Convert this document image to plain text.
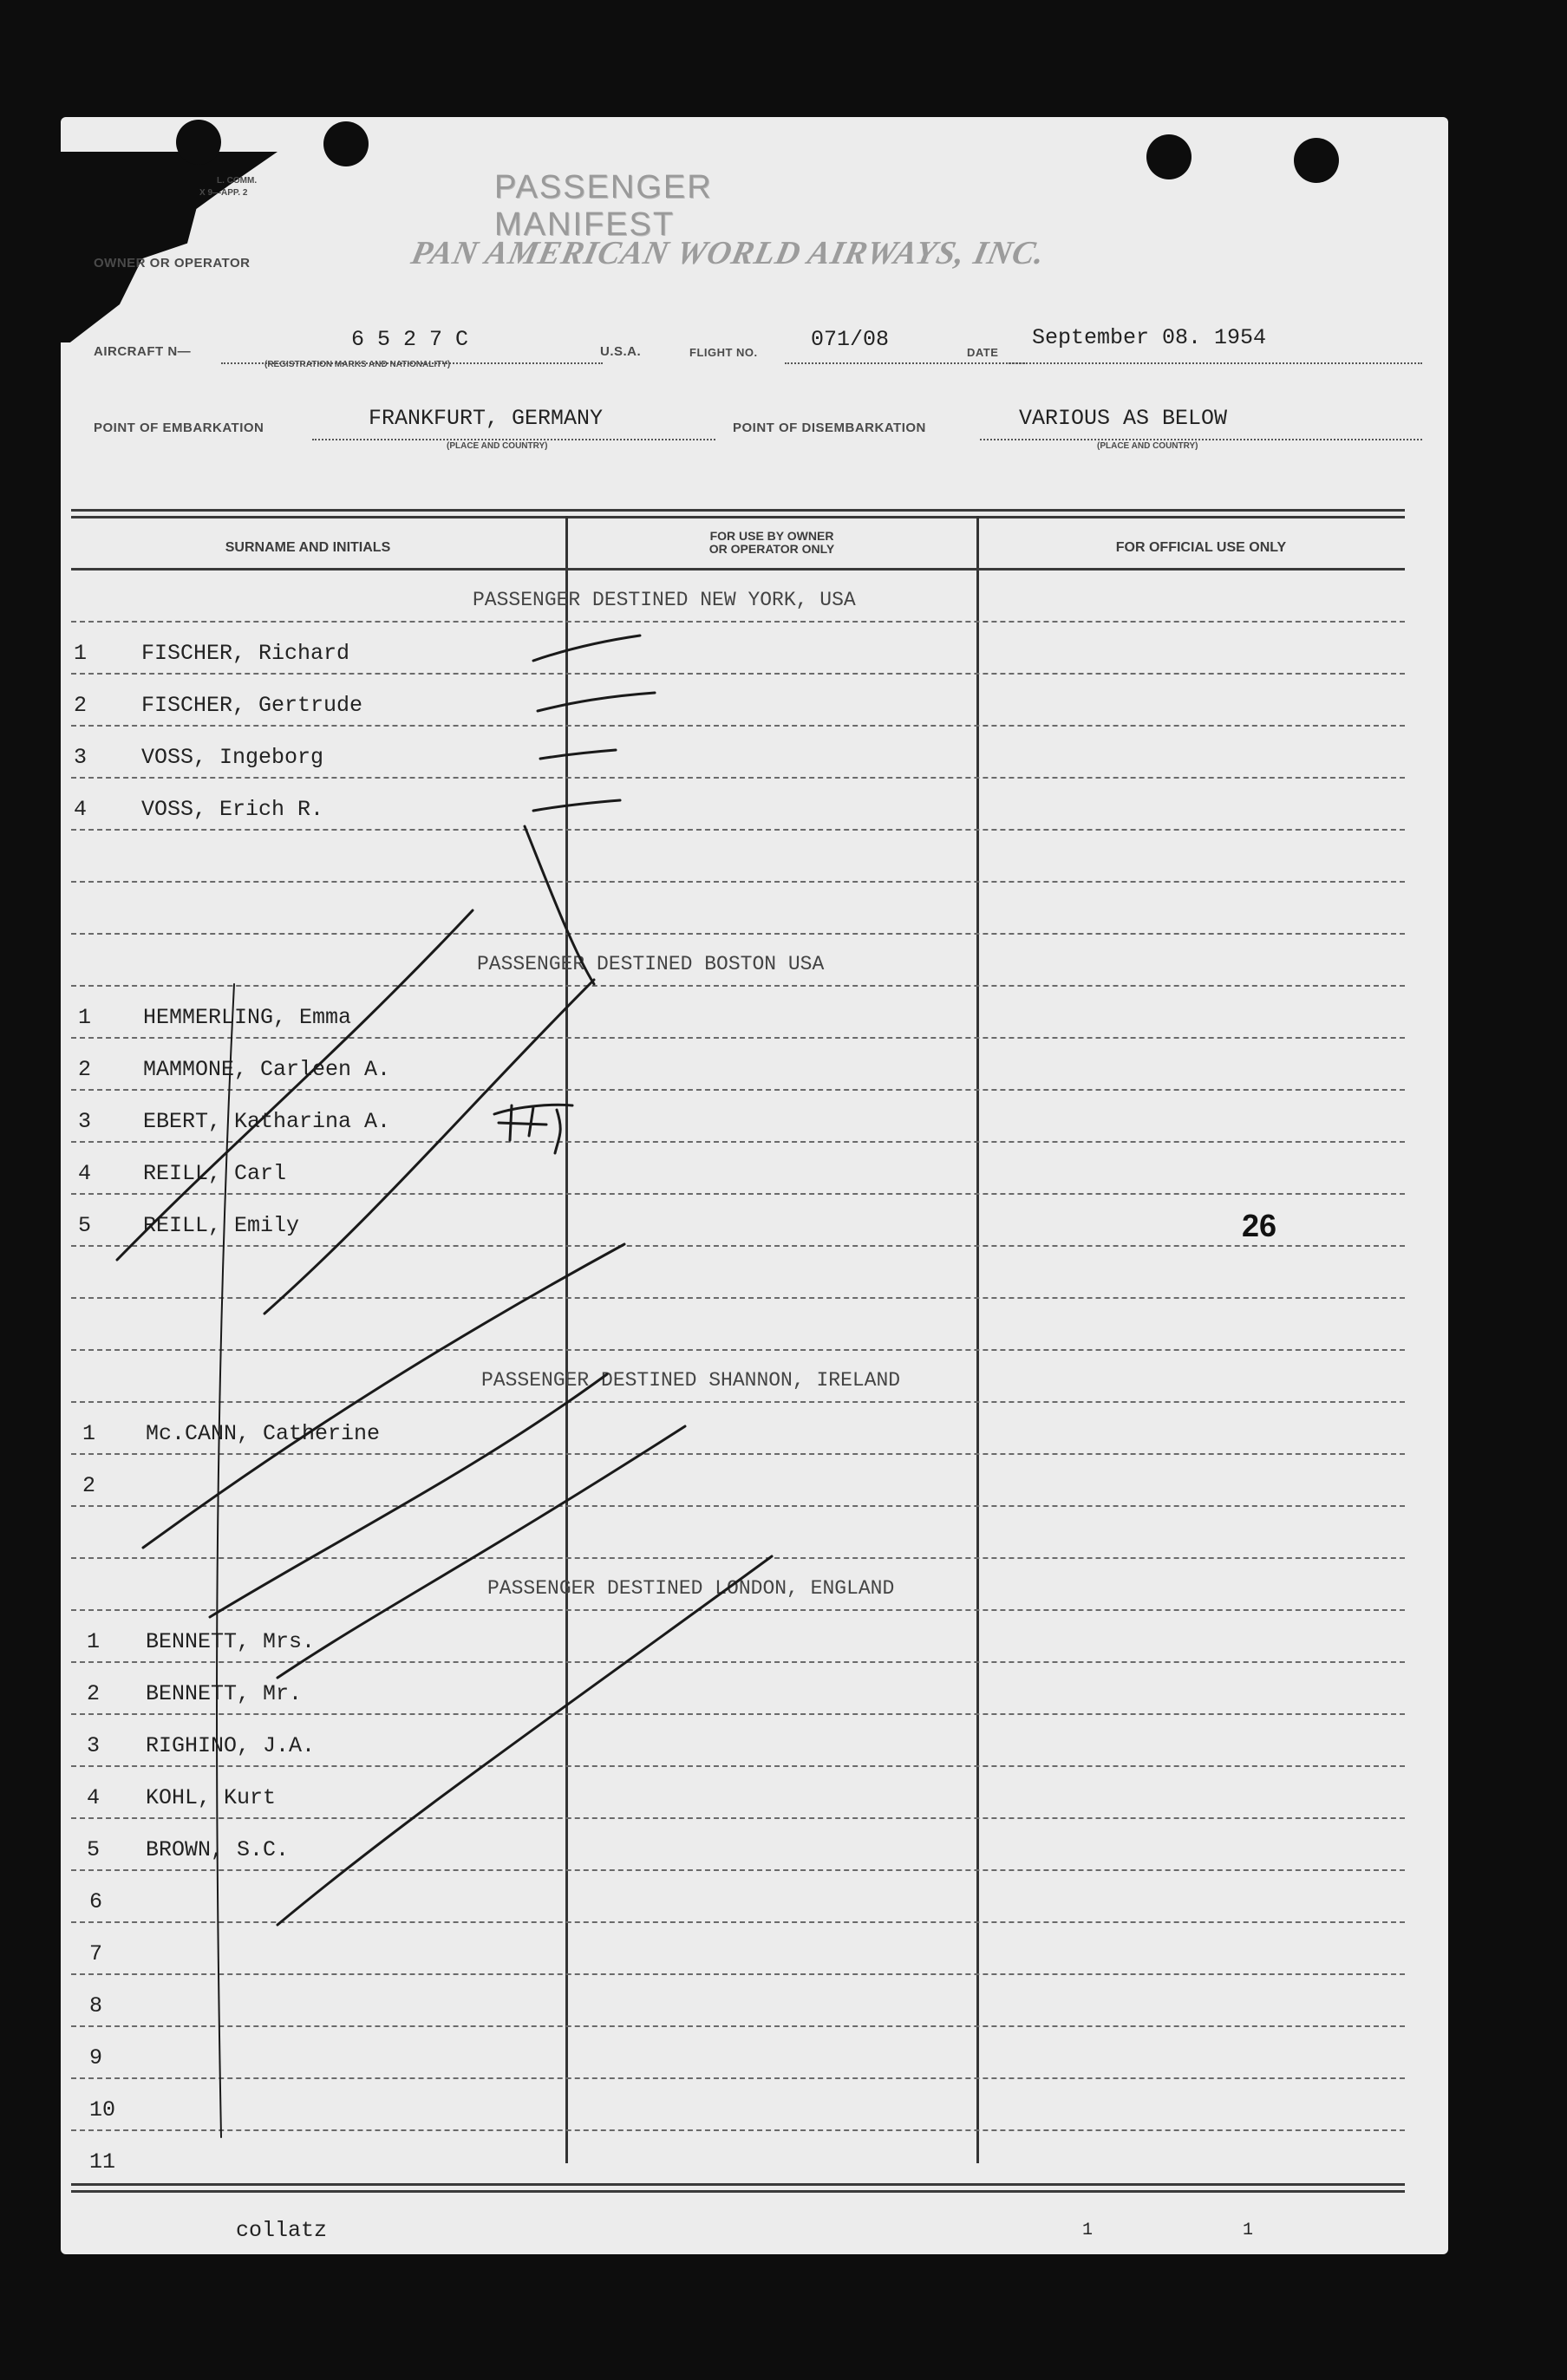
L. COMM.
X 9—APP. 2
OWNER OR OPERATOR
PASSENGER MANIFEST
PAN AMERICAN WORLD AIRWAYS, INC.
AIRCRAFT N—	6 5 2 7 C
(REGISTRATION MARKS AND NATIONALITY)
U.S.A.	FLIGHT NO.
071/08
DATE
September 08. 1954
POINT OF EMBARKATION	FRANKFURT, GERMANY
(PLACE AND COUNTRY)
POINT OF DISEMBARKATION	VARIOUS AS BELOW
(PLACE AND COUNTRY)
SURNAME AND INITIALS
FOR USE BY OWNER
OR OPERATOR ONLY	FOR OFFICIAL USE ONLY
PASSENGER DESTINED NEW YORK, USA
1	FISCHER, Richard
2	FISCHER, Gertrude
3	VOSS, Ingeborg
4	VOSS, Erich R.
PASSENGER DESTINED BOSTON USA
1 HEMMERLING, Emma
2 MAMMONE, Carleen A.
3 EBERT, Katharina A.
4 REILL, Carl
5 REILL, Emily	26
PASSENGER DESTINED SHANNON, IRELAND
1 Mc.CANN, Catherine
2
PASSENGER DESTINED LONDON, ENGLAND
1 BENNETT, Mrs.
2 BENNETT, Mr.
3 RIGHINO, J.A.
4 KOHL, Kurt
5 BROWN, S.C.
6
7
8
9
10
11
collatz	1	1
